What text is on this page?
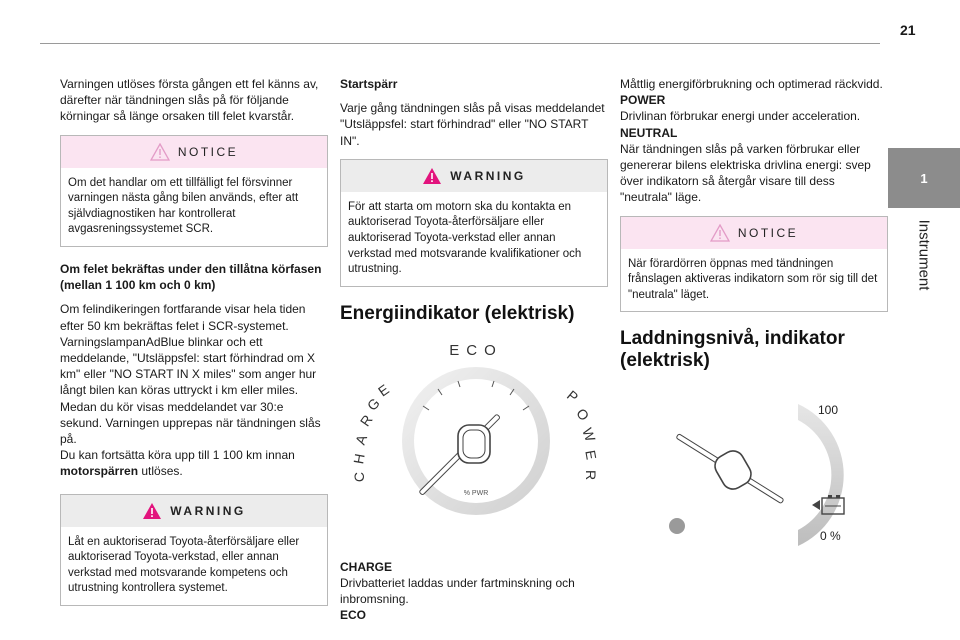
21
1
Instrument

Varningen utlöses första gången ett fel känns av, därefter när tändningen slås på för följande körningar så länge orsaken till felet kvarstår.

NOTICE
Om det handlar om ett tillfälligt fel försvinner varningen nästa gång bilen används, efter att självdiagnostiken har kontrollerat avgasreningssystemet SCR.
Om felet bekräftas under den tillåtna körfasen (mellan 1 100 km och 0 km)

Om felindikeringen fortfarande visar hela tiden efter 50 km bekräftas felet i SCR-systemet.

VarningslampanAdBlue blinkar och ett meddelande, "Utsläppsfel: start förhindrad om X km" eller "NO START IN X miles" som anger hur långt bilen kan köras uttryckt i km eller miles.

Medan du kör visas meddelandet var 30:e sekund. Varningen upprepas när tändningen slås på.

Du kan fortsätta köra upp till 1 100 km innan motorspärren utlöses.

WARNING
Låt en auktoriserad Toyota-återförsäljare eller auktoriserad Toyota-verkstad, eller annan verkstad med motsvarande kompetens och utrustning kontrollera systemet.
Startspärr

Varje gång tändningen slås på visas meddelandet "Utsläppsfel: start förhindrad" eller "NO START IN".

WARNING
För att starta om motorn ska du kontakta en auktoriserad Toyota-återförsäljare eller auktoriserad Toyota-verkstad eller annan verkstad med motsvarande kvalifikationer och utrustning.
Energiindikator (elektrisk)
ECO
C
H
A
R
G
E	P
O
W
E
R
% PWR
CHARGE

Drivbatteriet laddas under fartminskning och inbromsning.

ECO

Måttlig energiförbrukning och optimerad räckvidd.

POWER

Drivlinan förbrukar energi under acceleration.

NEUTRAL

När tändningen slås på varken förbrukar eller genererar bilens elektriska drivlina energi: svep över indikatorn så återgår visare till dess "neutrala" läge.

NOTICE
När förardörren öppnas med tändningen frånslagen aktiveras indikatorn som rör sig till det "neutrala" läget.
Laddningsnivå, indikator (elektrisk)
100
0 %
